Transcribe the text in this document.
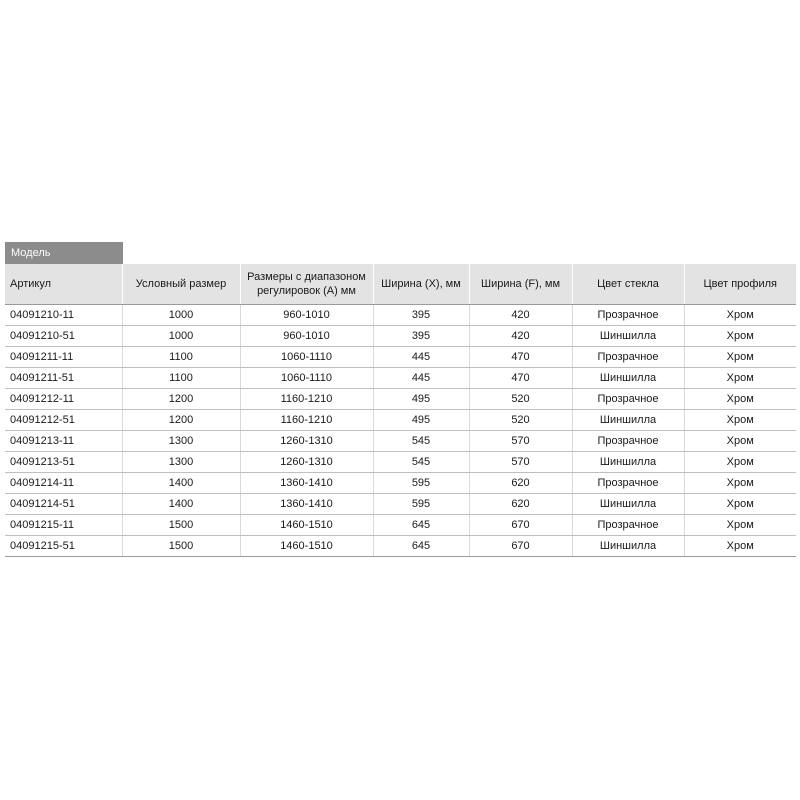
Модель
Артикул	Условный размер	Размеры с диапазоном регулировок (А) мм	Ширина (X), мм	Ширина (F), мм	Цвет стекла	Цвет профиля
04091210-11	1000	960-1010	395	420	Прозрачное	Хром
04091210-51	1000	960-1010	395	420	Шиншилла	Хром
04091211-11	1100	1060-1110	445	470	Прозрачное	Хром
04091211-51	1100	1060-1110	445	470	Шиншилла	Хром
04091212-11	1200	1160-1210	495	520	Прозрачное	Хром
04091212-51	1200	1160-1210	495	520	Шиншилла	Хром
04091213-11	1300	1260-1310	545	570	Прозрачное	Хром
04091213-51	1300	1260-1310	545	570	Шиншилла	Хром
04091214-11	1400	1360-1410	595	620	Прозрачное	Хром
04091214-51	1400	1360-1410	595	620	Шиншилла	Хром
04091215-11	1500	1460-1510	645	670	Прозрачное	Хром
04091215-51	1500	1460-1510	645	670	Шиншилла	Хром
